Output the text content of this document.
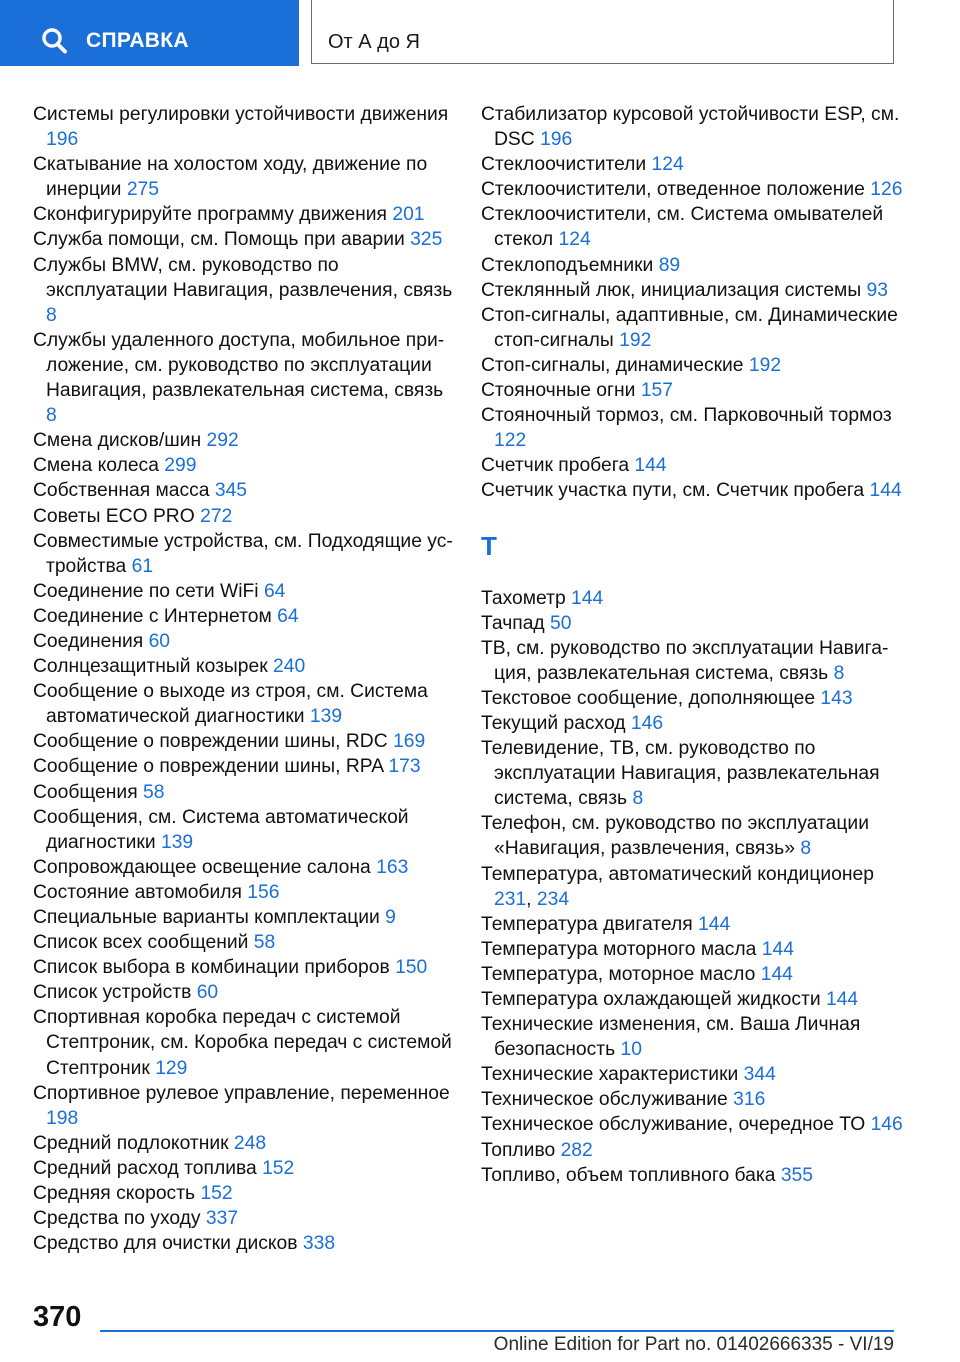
СПРАВКА	От А до Я
Системы регулировки устойчивости движения 196
Скатывание на холостом ходу, движение по инерции 275
Сконфигурируйте программу движения 201
Служба помощи, см. Помощь при аварии 325
Службы BMW, см. руководство по эксплуатации Навигация, развлечения, связь 8
Службы удаленного доступа, мобильное приложение, см. руководство по эксплуатации Навигация, развлекательная система, связь 8
Смена дисков/шин 292
Смена колеса 299
Собственная масса 345
Советы ECO PRO 272
Совместимые устройства, см. Подходящие устройства 61
Соединение по сети WiFi 64
Соединение с Интернетом 64
Соединения 60
Солнцезащитный козырек 240
Сообщение о выходе из строя, см. Система автоматической диагностики 139
Сообщение о повреждении шины, RDC 169
Сообщение о повреждении шины, RPA 173
Сообщения 58
Сообщения, см. Система автоматической диагностики 139
Сопровождающее освещение салона 163
Состояние автомобиля 156
Специальные варианты комплектации 9
Список всех сообщений 58
Список выбора в комбинации приборов 150
Список устройств 60
Спортивная коробка передач с системой Стептроник, см. Коробка передач с системой Стептроник 129
Спортивное рулевое управление, переменное 198
Средний подлокотник 248
Средний расход топлива 152
Средняя скорость 152
Средства по уходу 337
Средство для очистки дисков 338
Стабилизатор курсовой устойчивости ESP, см. DSC 196
Стеклоочистители 124
Стеклоочистители, отведенное положение 126
Стеклоочистители, см. Система омывателей стекол 124
Стеклоподъемники 89
Стеклянный люк, инициализация системы 93
Стоп-сигналы, адаптивные, см. Динамические стоп-сигналы 192
Стоп-сигналы, динамические 192
Стояночные огни 157
Стояночный тормоз, см. Парковочный тормоз 122
Счетчик пробега 144
Счетчик участка пути, см. Счетчик пробега 144
Т
Тахометр 144
Тачпад 50
ТВ, см. руководство по эксплуатации Навигация, развлекательная система, связь 8
Текстовое сообщение, дополняющее 143
Текущий расход 146
Телевидение, ТВ, см. руководство по эксплуатации Навигация, развлекательная система, связь 8
Телефон, см. руководство по эксплуатации «Навигация, развлечения, связь» 8
Температура, автоматический кондиционер 231, 234
Температура двигателя 144
Температура моторного масла 144
Температура, моторное масло 144
Температура охлаждающей жидкости 144
Технические изменения, см. Ваша Личная безопасность 10
Технические характеристики 344
Техническое обслуживание 316
Техническое обслуживание, очередное ТО 146
Топливо 282
Топливо, объем топливного бака 355
370
Online Edition for Part no. 01402666335 - VI/19
